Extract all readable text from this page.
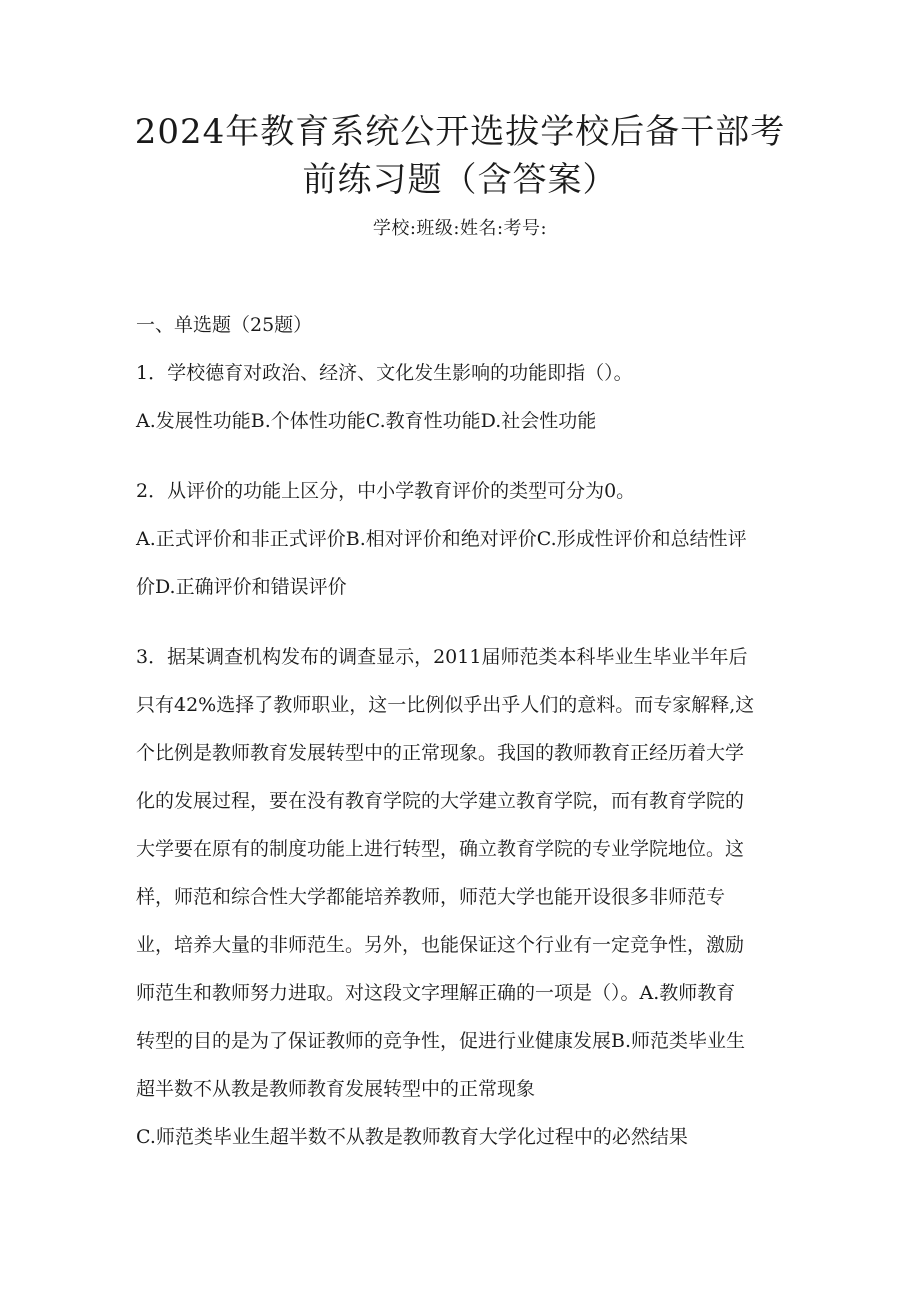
2024年教育系统公开选拔学校后备干部考
前练习题（含答案）
学校:班级:姓名:考号:

一、单选题（25题）

1．学校德育对政治、经济、文化发生影响的功能即指（）。

A.发展性功能B.个体性功能C.教育性功能D.社会性功能

2．从评价的功能上区分，中小学教育评价的类型可分为0。

A.正式评价和非正式评价B.相对评价和绝对评价C.形成性评价和总结性评

价D.正确评价和错误评价

3．据某调查机构发布的调查显示，2011届师范类本科毕业生毕业半年后

只有42%选择了教师职业，这一比例似乎出乎人们的意料。而专家解释,这

个比例是教师教育发展转型中的正常现象。我国的教师教育正经历着大学

化的发展过程，要在没有教育学院的大学建立教育学院，而有教育学院的

大学要在原有的制度功能上进行转型，确立教育学院的专业学院地位。这

样，师范和综合性大学都能培养教师，师范大学也能开设很多非师范专

业，培养大量的非师范生。另外，也能保证这个行业有一定竞争性，激励

师范生和教师努力进取。对这段文字理解正确的一项是（）。A.教师教育

转型的目的是为了保证教师的竞争性，促进行业健康发展B.师范类毕业生

超半数不从教是教师教育发展转型中的正常现象

C.师范类毕业生超半数不从教是教师教育大学化过程中的必然结果
